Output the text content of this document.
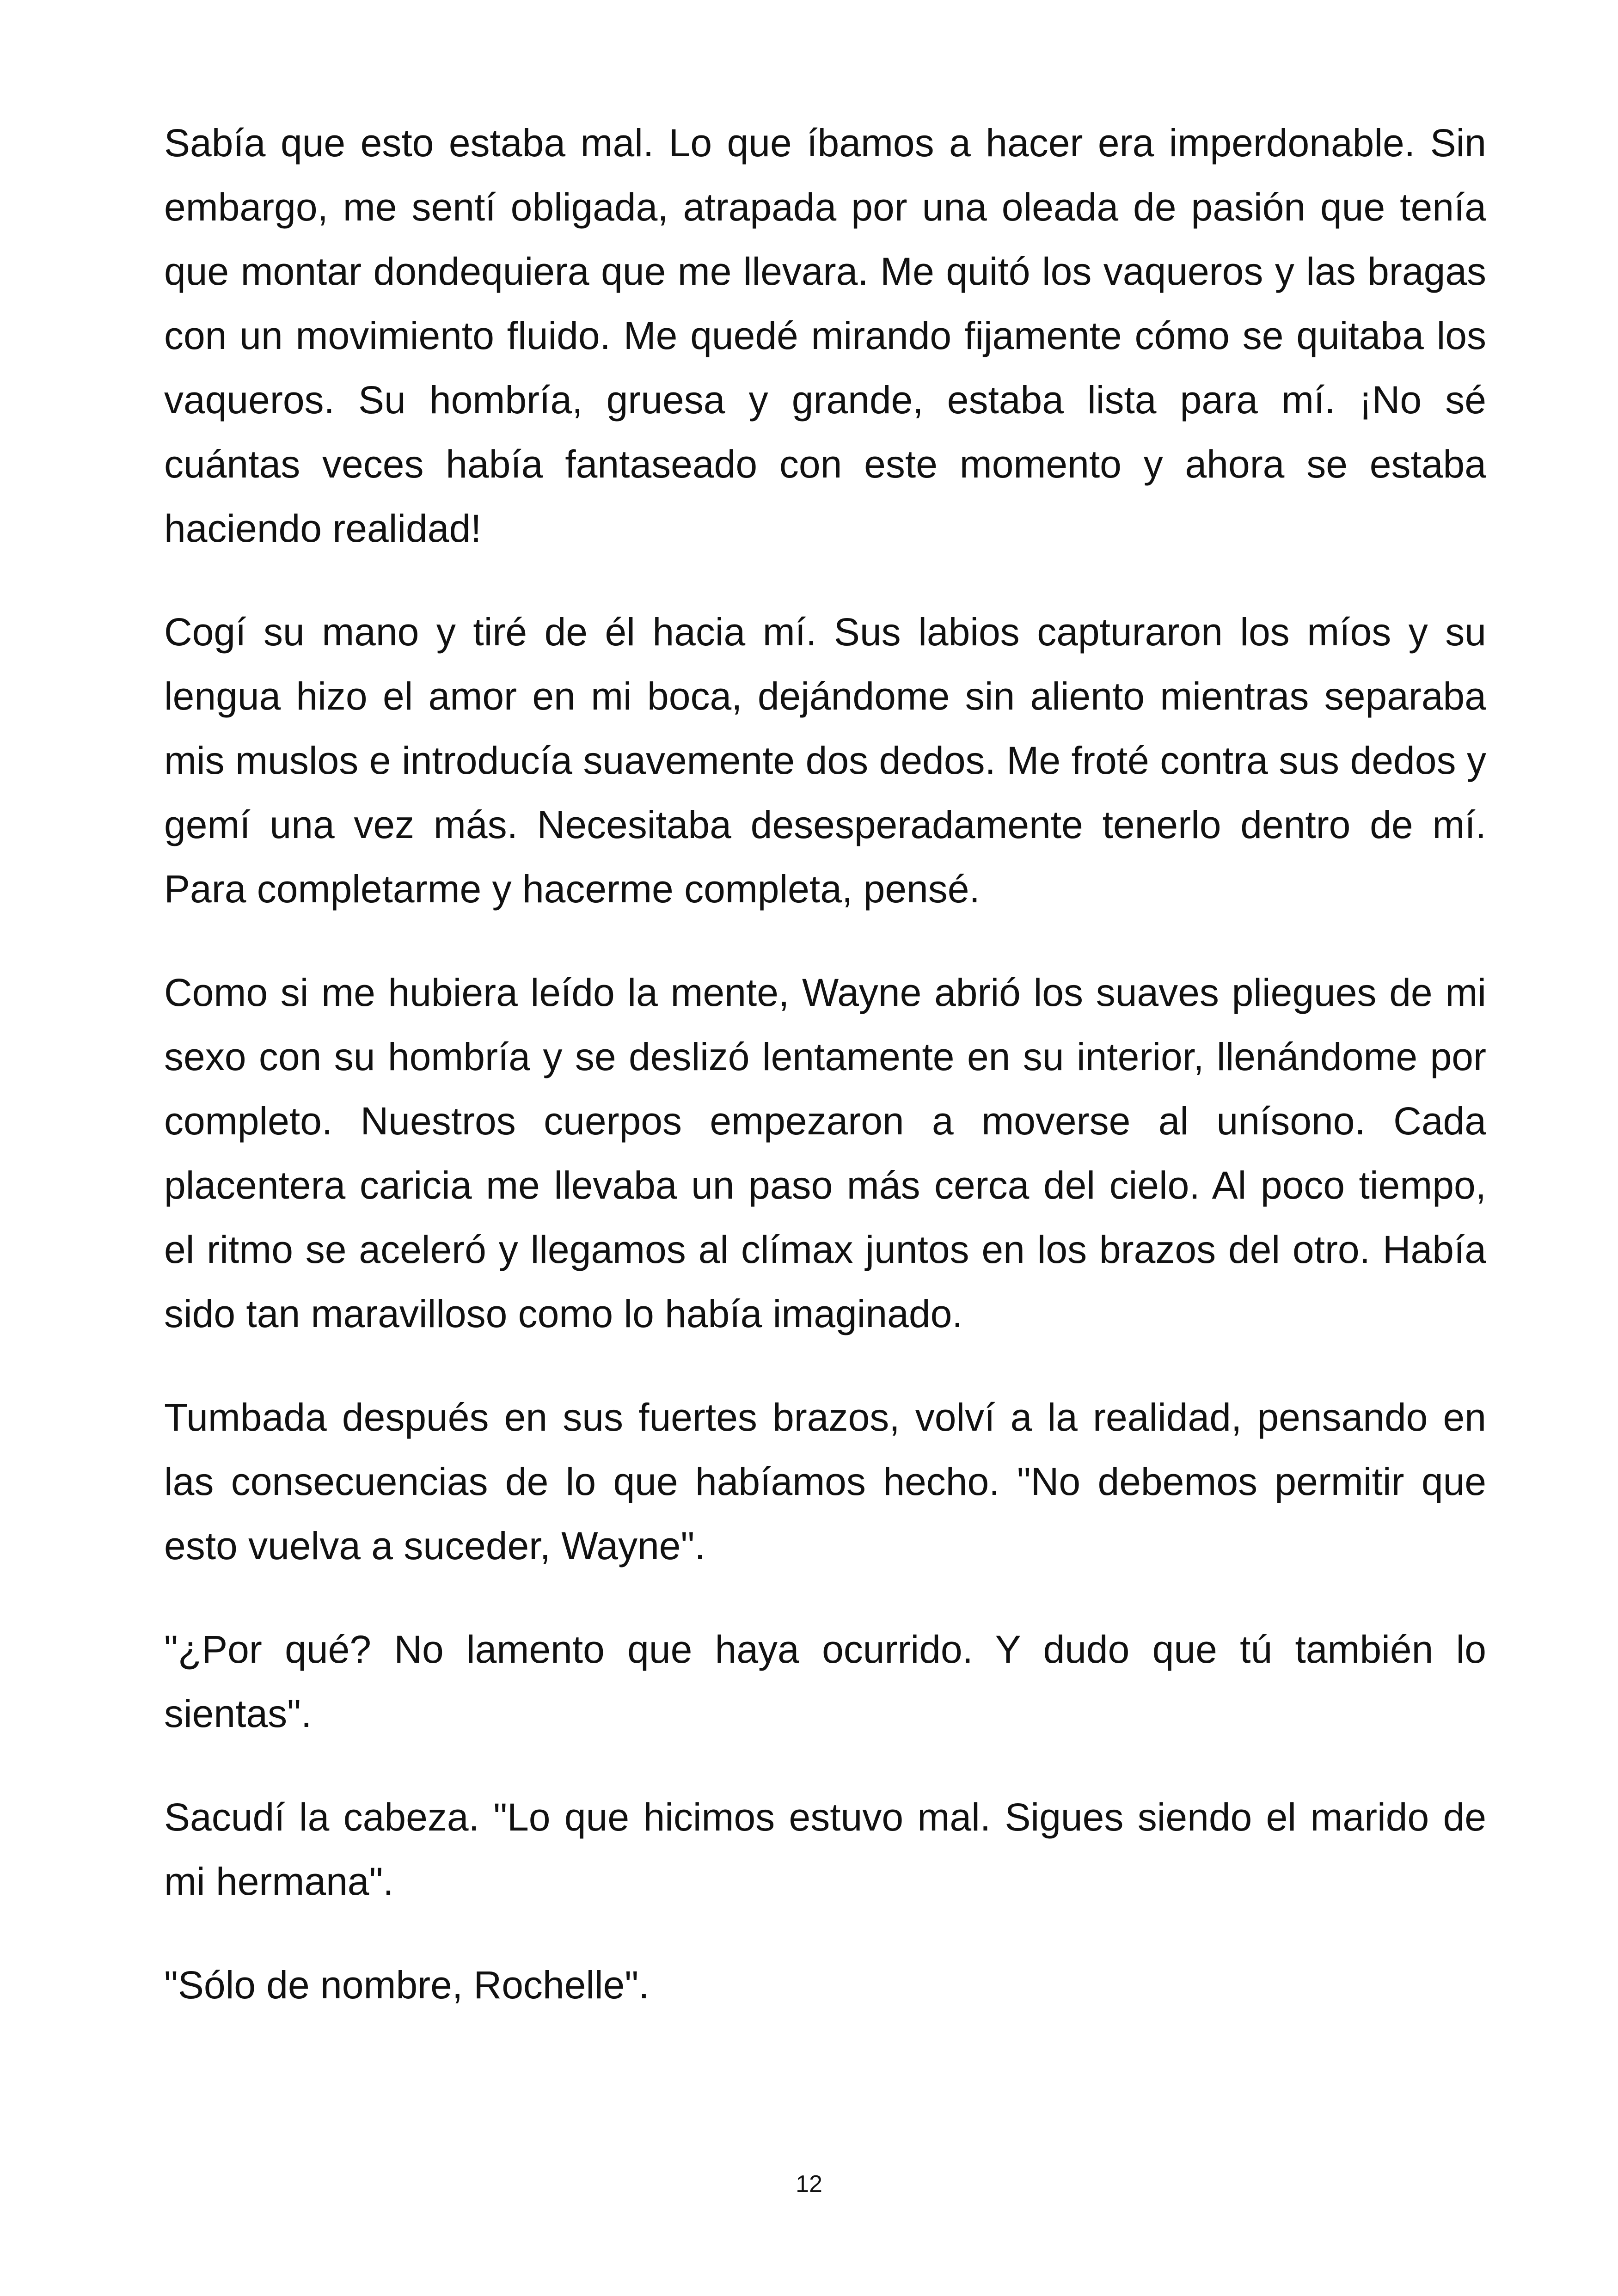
Sabía que esto estaba mal. Lo que íbamos a hacer era imperdonable. Sin embargo, me sentí obligada, atrapada por una oleada de pasión que tenía que montar dondequiera que me llevara. Me quitó los vaqueros y las bragas con un movimiento fluido. Me quedé mirando fijamente cómo se quitaba los vaqueros. Su hombría, gruesa y grande, estaba lista para mí. ¡No sé cuántas veces había fantaseado con este momento y ahora se estaba haciendo realidad!

Cogí su mano y tiré de él hacia mí. Sus labios capturaron los míos y su lengua hizo el amor en mi boca, dejándome sin aliento mientras separaba mis muslos e introducía suavemente dos dedos. Me froté contra sus dedos y gemí una vez más. Necesitaba desesperadamente tenerlo dentro de mí. Para completarme y hacerme completa, pensé.

Como si me hubiera leído la mente, Wayne abrió los suaves pliegues de mi sexo con su hombría y se deslizó lentamente en su interior, llenándome por completo. Nuestros cuerpos empezaron a moverse al unísono. Cada placentera caricia me llevaba un paso más cerca del cielo. Al poco tiempo, el ritmo se aceleró y llegamos al clímax juntos en los brazos del otro. Había sido tan maravilloso como lo había imaginado.

Tumbada después en sus fuertes brazos, volví a la realidad, pensando en las consecuencias de lo que habíamos hecho. "No debemos permitir que esto vuelva a suceder, Wayne".

"¿Por qué? No lamento que haya ocurrido. Y dudo que tú también lo sientas".

Sacudí la cabeza. "Lo que hicimos estuvo mal. Sigues siendo el marido de mi hermana".

"Sólo de nombre, Rochelle".

12
